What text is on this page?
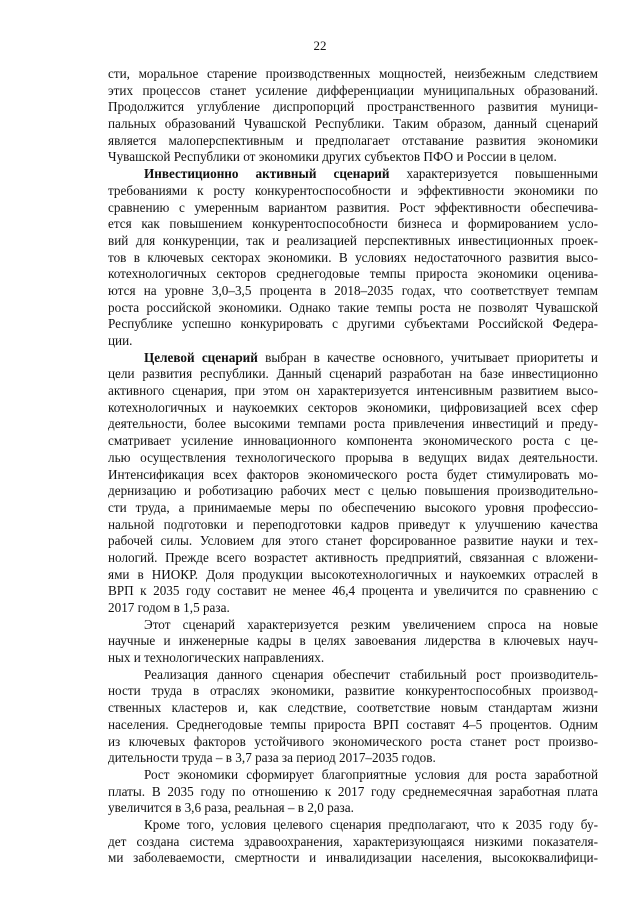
22
сти, моральное старение производственных мощностей, неизбежным следствием
этих процессов станет усиление дифференциации муниципальных образований.
Продолжится углубление диспропорций пространственного развития муници-
пальных образований Чувашской Республики. Таким образом, данный сценарий
является малоперспективным и предполагает отставание развития экономики
Чувашской Республики от экономики других субъектов ПФО и России в целом.
Инвестиционно активный сценарий характеризуется повышенными
требованиями к росту конкурентоспособности и эффективности экономики по
сравнению с умеренным вариантом развития. Рост эффективности обеспечива-
ется как повышением конкурентоспособности бизнеса и формированием усло-
вий для конкуренции, так и реализацией перспективных инвестиционных проек-
тов в ключевых секторах экономики. В условиях недостаточного развития высо-
котехнологичных секторов среднегодовые темпы прироста экономики оценива-
ются на уровне 3,0–3,5 процента в 2018–2035 годах, что соответствует темпам
роста российской экономики. Однако такие темпы роста не позволят Чувашской
Республике успешно конкурировать с другими субъектами Российской Федера-
ции.
Целевой сценарий выбран в качестве основного, учитывает приоритеты и
цели развития республики. Данный сценарий разработан на базе инвестиционно
активного сценария, при этом он характеризуется интенсивным развитием высо-
котехнологичных и наукоемких секторов экономики, цифровизацией всех сфер
деятельности, более высокими темпами роста привлечения инвестиций и преду-
сматривает усиление инновационного компонента экономического роста с це-
лью осуществления технологического прорыва в ведущих видах деятельности.
Интенсификация всех факторов экономического роста будет стимулировать мо-
дернизацию и роботизацию рабочих мест с целью повышения производительно-
сти труда, а принимаемые меры по обеспечению высокого уровня профессио-
нальной подготовки и переподготовки кадров приведут к улучшению качества
рабочей силы. Условием для этого станет форсированное развитие науки и тех-
нологий. Прежде всего возрастет активность предприятий, связанная с вложени-
ями в НИОКР. Доля продукции высокотехнологичных и наукоемких отраслей в
ВРП к 2035 году составит не менее 46,4 процента и увеличится по сравнению с
2017 годом в 1,5 раза.
Этот сценарий характеризуется резким увеличением спроса на новые
научные и инженерные кадры в целях завоевания лидерства в ключевых науч-
ных и технологических направлениях.
Реализация данного сценария обеспечит стабильный рост производитель-
ности труда в отраслях экономики, развитие конкурентоспособных производ-
ственных кластеров и, как следствие, соответствие новым стандартам жизни
населения. Среднегодовые темпы прироста ВРП составят 4–5 процентов. Одним
из ключевых факторов устойчивого экономического роста станет рост произво-
дительности труда – в 3,7 раза за период 2017–2035 годов.
Рост экономики сформирует благоприятные условия для роста заработной
платы. В 2035 году по отношению к 2017 году среднемесячная заработная плата
увеличится в 3,6 раза, реальная – в 2,0 раза.
Кроме того, условия целевого сценария предполагают, что к 2035 году бу-
дет создана система здравоохранения, характеризующаяся низкими показателя-
ми заболеваемости, смертности и инвалидизации населения, высококвалифици-
